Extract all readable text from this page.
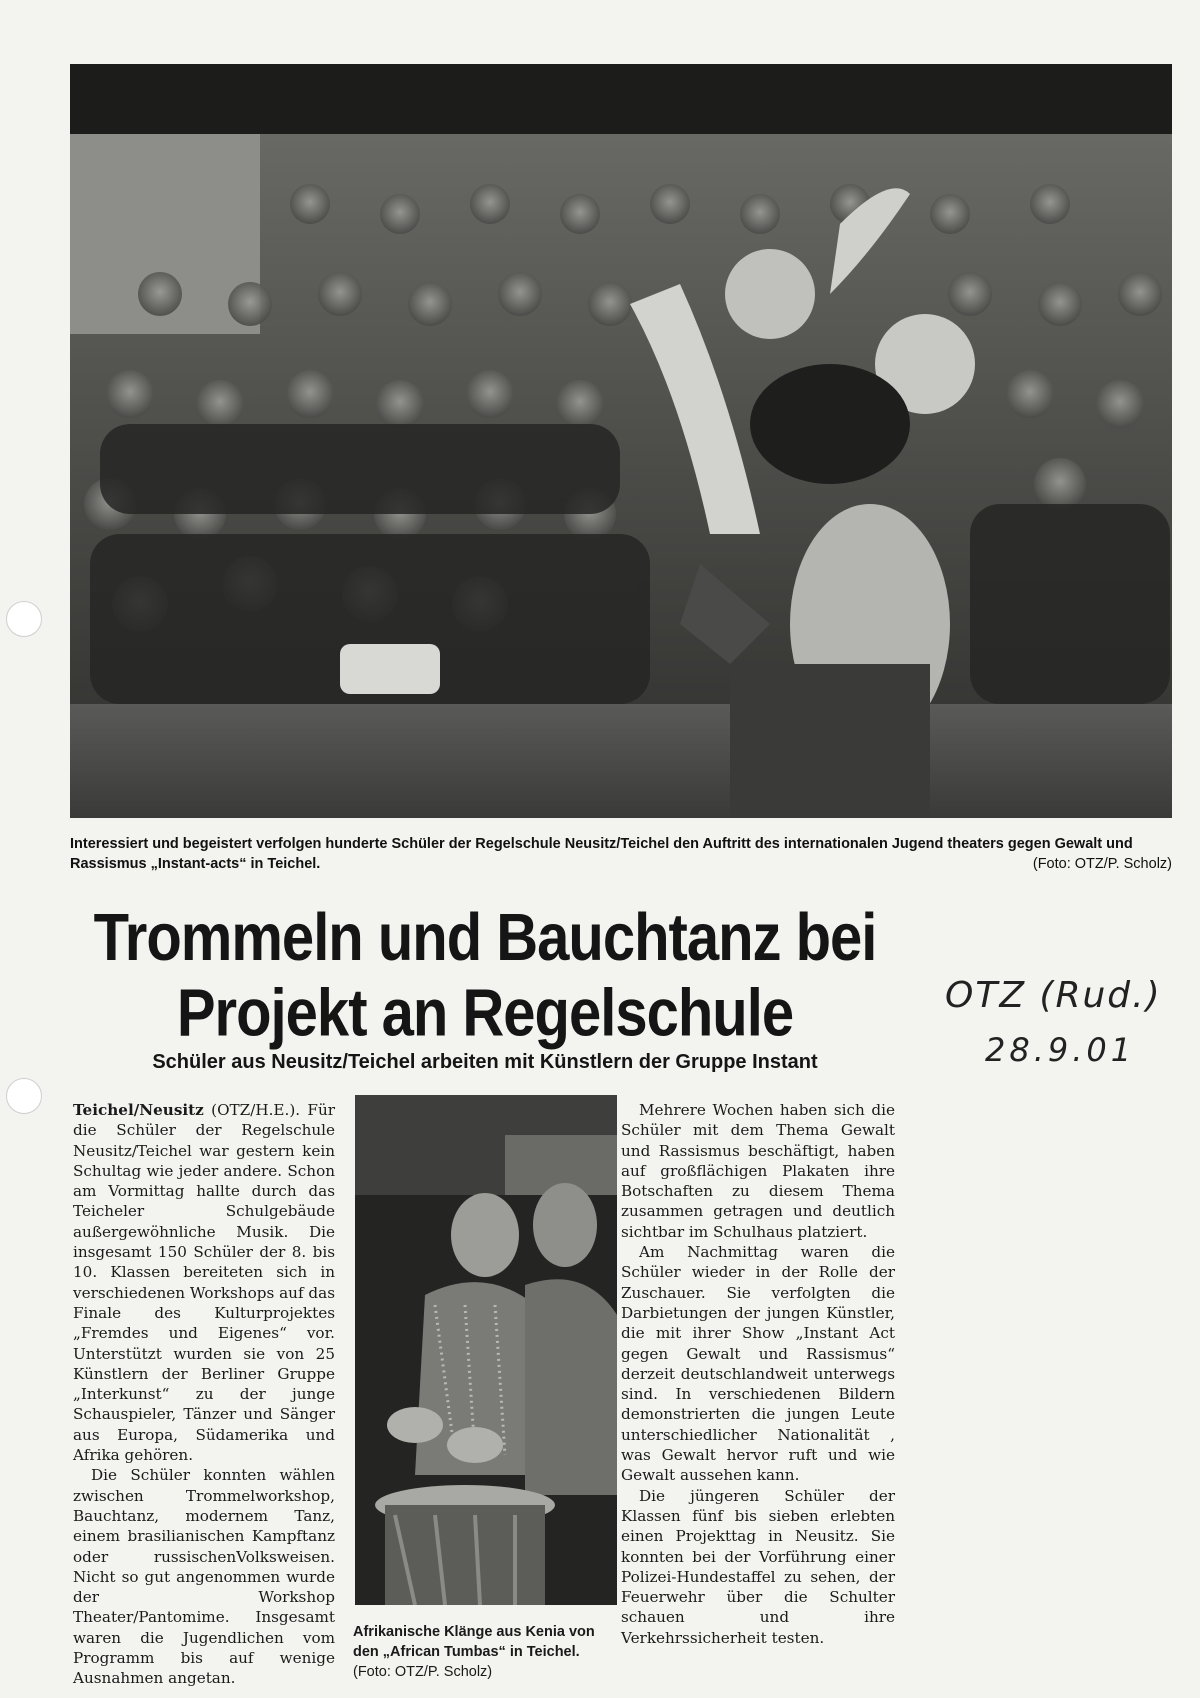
Interessiert und begeistert verfolgen hunderte Schüler der Regelschule Neusitz/Teichel den Auftritt des internationalen Jugend theaters gegen Gewalt und Rassismus „Instant-acts“ in Teichel.	(Foto: OTZ/P. Scholz)

Trommeln und Bauchtanz bei
Projekt an Regelschule
Schüler aus Neusitz/Teichel arbeiten mit Künstlern der Gruppe Instant
OTZ (Rud.)
28.9.01

Teichel/Neusitz (OTZ/H.E.). Für die Schüler der Regelschule Neusitz/Teichel war gestern kein Schultag wie jeder andere. Schon am Vormittag hallte durch das Teicheler Schulgebäude außergewöhnliche Musik. Die insgesamt 150 Schüler der 8. bis 10. Klassen bereiteten sich in verschiedenen Workshops auf das Finale des Kulturprojektes „Fremdes und Eigenes“ vor. Unterstützt wurden sie von 25 Künstlern der Berliner Gruppe „Interkunst“ zu der junge Schauspieler, Tänzer und Sänger aus Europa, Südamerika und Afrika gehören.

Die Schüler konnten wählen zwischen Trommelworkshop, Bauchtanz, modernem Tanz, einem brasilianischen Kampftanz oder russischenVolksweisen. Nicht so gut angenommen wurde der Workshop Theater/Pantomime. Insgesamt waren die Jugendlichen vom Programm bis auf wenige Ausnahmen angetan.

Afrikanische Klänge aus Kenia von den „African Tumbas“ in Teichel. (Foto: OTZ/P. Scholz)

Mehrere Wochen haben sich die Schüler mit dem Thema Gewalt und Rassismus beschäftigt, haben auf großflächigen Plakaten ihre Botschaften zu diesem Thema zusammen getragen und deutlich sichtbar im Schulhaus platziert.

Am Nachmittag waren die Schüler wieder in der Rolle der Zuschauer. Sie verfolgten die Darbietungen der jungen Künstler, die mit ihrer Show „Instant Act gegen Gewalt und Rassismus“ derzeit deutschlandweit unterwegs sind. In verschiedenen Bildern demonstrierten die jungen Leute unterschiedlicher Nationalität , was Gewalt hervor ruft und wie Gewalt aussehen kann.

Die jüngeren Schüler der Klassen fünf bis sieben erlebten einen Projekttag in Neusitz. Sie konnten bei der Vorführung einer Polizei-Hundestaffel zu sehen, der Feuerwehr über die Schulter schauen und ihre Verkehrssicherheit testen.
